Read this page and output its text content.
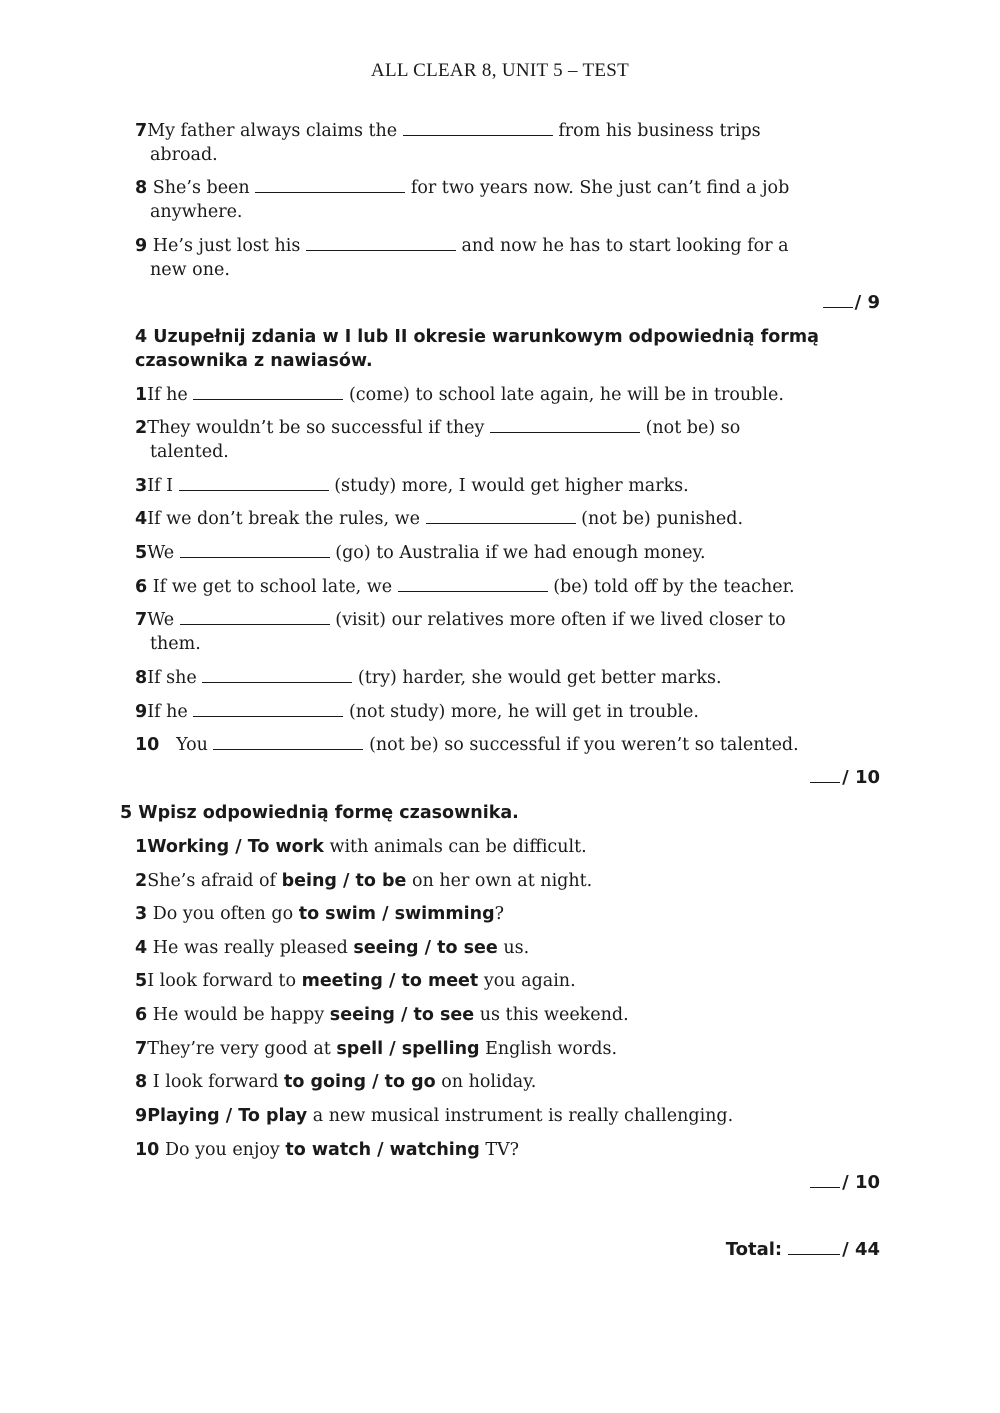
ALL CLEAR 8, UNIT 5 – TEST
7My father always claims the	from his business trips
abroad.
8 She’s been	for two years now. She just can’t find a job
anywhere.
9 He’s just lost his	and now he has to start looking for a
new one.
/ 9
4 Uzupełnij zdania w I lub II okresie warunkowym odpowiednią formą czasownika z nawiasów.
1If he	(come) to school late again, he will be in trouble.
2They wouldn’t be so successful if they	(not be) so
talented.
3If I	(study) more, I would get higher marks.
4If we don’t break the rules, we	(not be) punished.
5We	(go) to Australia if we had enough money.
6 If we get to school late, we	(be) told off by the teacher.
7We	(visit) our relatives more often if we lived closer to
them.
8If she	(try) harder, she would get better marks.
9If he	(not study) more, he will get in trouble.
10 You	(not be) so successful if you weren’t so talented.
/ 10
5 Wpisz odpowiednią formę czasownika.
1Working / To work with animals can be difficult.
2She’s afraid of being / to be on her own at night.
3 Do you often go to swim / swimming?
4 He was really pleased seeing / to see us.
5I look forward to meeting / to meet you again.
6 He would be happy seeing / to see us this weekend.
7They’re very good at spell / spelling English words.
8 I look forward to going / to go on holiday.
9Playing / To play a new musical instrument is really challenging.
10 Do you enjoy to watch / watching TV?
/ 10
Total:	/ 44
